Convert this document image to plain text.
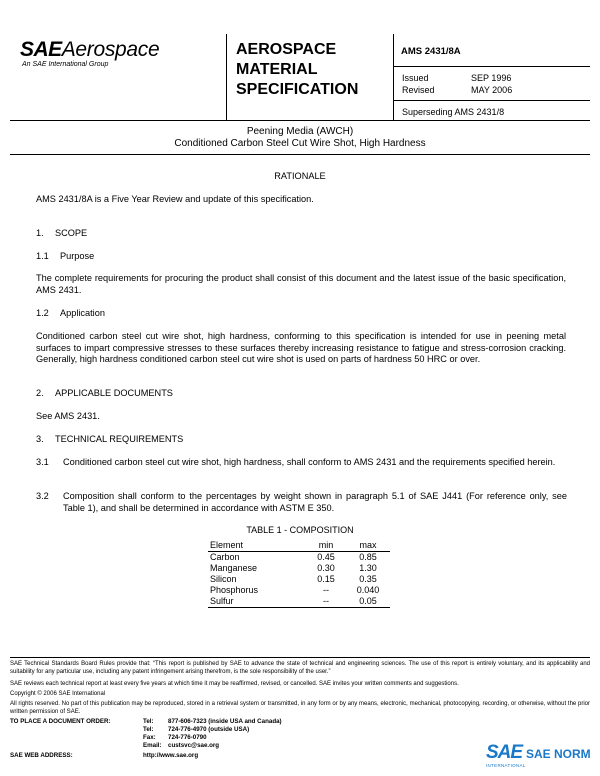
SAEAerospace
An SAE International Group
AEROSPACE
MATERIAL
SPECIFICATION
AMS 2431/8A
Issued	SEP 1996
Revised	MAY 2006
Superseding AMS 2431/8
Peening Media (AWCH)
Conditioned Carbon Steel Cut Wire Shot, High Hardness
RATIONALE
AMS 2431/8A is a Five Year Review and update of this specification.
1. SCOPE
1.1 Purpose
The complete requirements for procuring the product shall consist of this document and the latest issue of the basic specification, AMS 2431.
1.2 Application
Conditioned carbon steel cut wire shot, high hardness, conforming to this specification is intended for use in peening metal surfaces to impart compressive stresses to these surfaces thereby increasing resistance to fatigue and stress-corrosion cracking. Generally, high hardness conditioned carbon steel cut wire shot is used on parts of hardness 50 HRC or over.
2. APPLICABLE DOCUMENTS
See AMS 2431.
3. TECHNICAL REQUIREMENTS
3.1 Conditioned carbon steel cut wire shot, high hardness, shall conform to AMS 2431 and the requirements specified herein.
3.2 Composition shall conform to the percentages by weight shown in paragraph 5.1 of SAE J441 (For reference only, see Table 1), and shall be determined in accordance with ASTM E 350.
TABLE 1 - COMPOSITION
Element	min	max
Carbon	0.45	0.85
Manganese	0.30	1.30
Silicon	0.15	0.35
Phosphorus	--	0.040
Sulfur	--	0.05
SAE Technical Standards Board Rules provide that: “This report is published by SAE to advance the state of technical and engineering sciences. The use of this report is entirely voluntary, and its applicability and suitability for any particular use, including any patent infringement arising therefrom, is the sole responsibility of the user.”
SAE reviews each technical report at least every five years at which time it may be reaffirmed, revised, or cancelled. SAE invites your written comments and suggestions.
Copyright © 2006 SAE International
All rights reserved. No part of this publication may be reproduced, stored in a retrieval system or transmitted, in any form or by any means, electronic, mechanical, photocopying, recording, or otherwise, without the prior written permission of SAE.
TO PLACE A DOCUMENT ORDER:	Tel: 877-606-7323 (inside USA and Canada)
Tel: 724-776-4970 (outside USA)
Fax: 724-776-0790
Email: custsvc@sae.org
SAE WEB ADDRESS:	http://www.sae.org	SAE SAE NORM
INTERNATIONAL
